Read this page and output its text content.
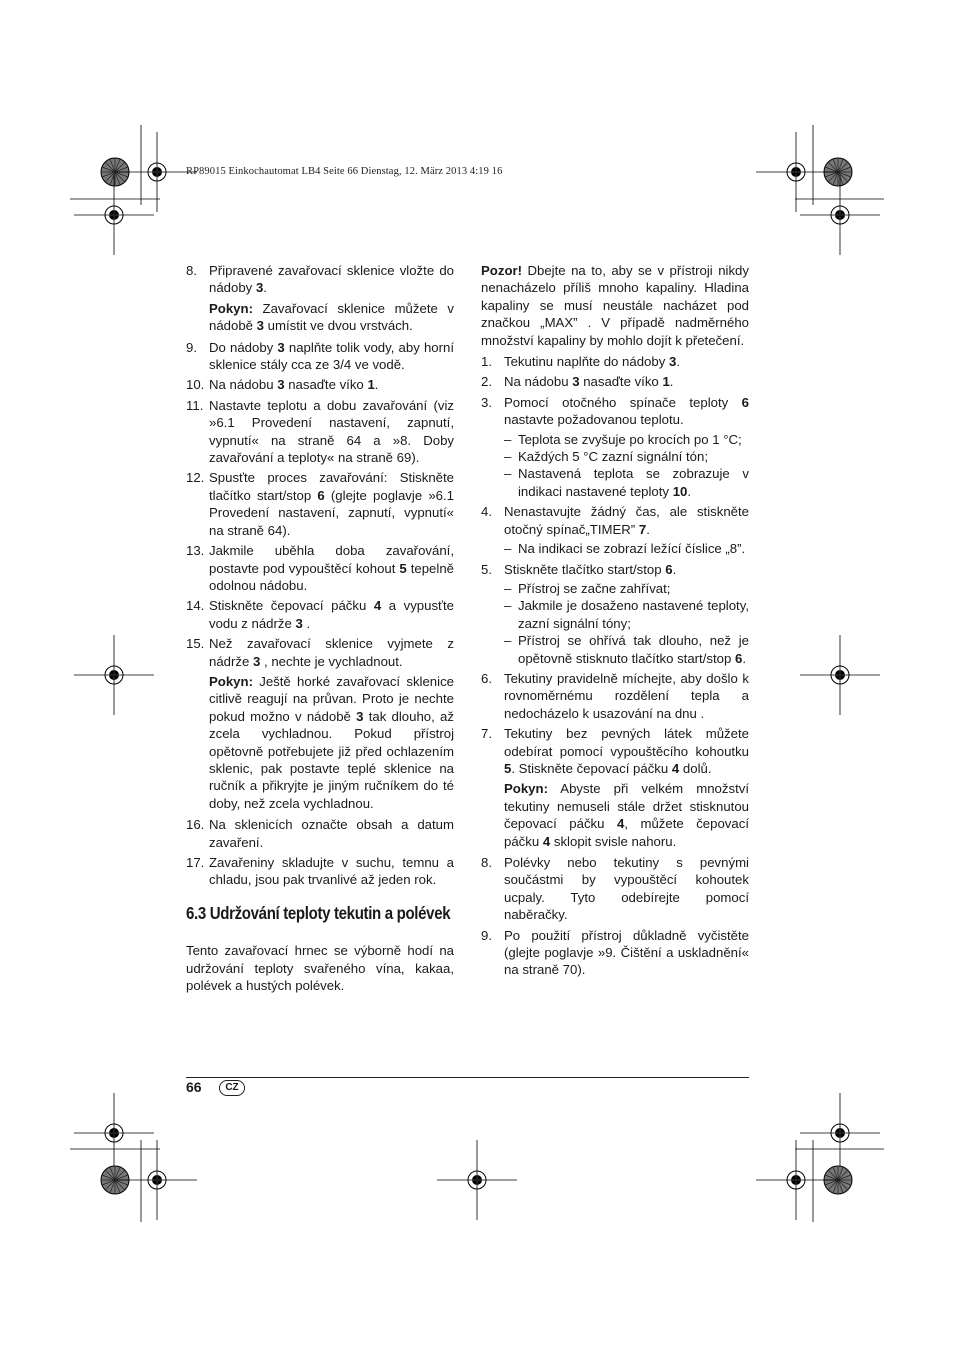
RP89015 Einkochautomat LB4 Seite 66 Dienstag, 12. März 2013 4:19 16
8. Připravené zavařovací sklenice vložte do nádoby 3.

Pokyn: Zavařovací sklenice můžete v nádobě 3 umístit ve dvou vrstvách.

9. Do nádoby 3 naplňte tolik vody, aby horní sklenice stály cca ze 3/4 ve vodě.
10. Na nádobu 3 nasaďte víko 1.
11. Nastavte teplotu a dobu zavařování (viz »6.1 Provedení nastavení, zapnutí, vypnutí« na straně 64 a »8. Doby zavařování a teploty« na straně 69).
12. Spusťte proces zavařování: Stiskněte tlačítko start/stop 6 (glejte poglavje »6.1 Provedení nastavení, zapnutí, vypnutí« na straně 64).
13. Jakmile uběhla doba zavařování, postavte pod vypouštěcí kohout 5 tepelně odolnou nádobu.
14. Stiskněte čepovací páčku 4 a vypusťte vodu z nádrže 3 .
15. Než zavařovací sklenice vyjmete z nádrže 3 , nechte je vychladnout.

Pokyn: Ještě horké zavařovací sklenice citlivě reagují na průvan. Proto je nechte pokud možno v nádobě 3 tak dlouho, až zcela vychladnou. Pokud přístroj opětovně potřebujete již před ochlazením sklenic, pak postavte teplé sklenice na ručník a přikryjte je jiným ručníkem do té doby, než zcela vychladnou.

16. Na sklenicích označte obsah a datum zavaření.
17. Zavařeniny skladujte v suchu, temnu a chladu, jsou pak trvanlivé až jeden rok.
6.3 Udržování teploty tekutin a polévek

Tento zavařovací hrnec se výborně hodí na udržování teploty svařeného vína, kakaa, polévek a hustých polévek.

Pozor! Dbejte na to, aby se v přístroji nikdy nenacházelo příliš mnoho kapaliny. Hladina kapaliny se musí neustále nacházet pod značkou „MAX” . V případě nadměrného množství kapaliny by mohlo dojít k přetečení.

1. Tekutinu naplňte do nádoby 3.
2. Na nádobu 3 nasaďte víko 1.
3. Pomocí otočného spínače teploty 6 nastavte požadovanou teplotu.
– Teplota se zvyšuje po krocích po 1 °C;
– Každých 5 °C zazní signální tón;
– Nastavená teplota se zobrazuje v indikaci nastavené teploty 10.
4. Nenastavujte žádný čas, ale stiskněte otočný spínač„TIMER” 7.
– Na indikaci se zobrazí ležící číslice „8”.
5. Stiskněte tlačítko start/stop 6.
– Přístroj se začne zahřívat;
– Jakmile je dosaženo nastavené teploty, zazní signální tóny;
– Přístroj se ohřívá tak dlouho, než je opětovně stisknuto tlačítko start/stop 6.
6. Tekutiny pravidelně míchejte, aby došlo k rovnoměrnému rozdělení tepla a nedocházelo k usazování na dnu .
7. Tekutiny bez pevných látek můžete odebírat pomocí vypouštěcího kohoutku 5. Stiskněte čepovací páčku 4 dolů.

Pokyn: Abyste při velkém množství tekutiny nemuseli stále držet stisknutou čepovací páčku 4, můžete čepovací páčku 4 sklopit svisle nahoru.

8. Polévky nebo tekutiny s pevnými součástmi by vypouštěcí kohoutek ucpaly. Tyto odebírejte pomocí naběračky.
9. Po použití přístroj důkladně vyčistěte (glejte poglavje »9. Čištění a uskladnění« na straně 70).
66	CZ
